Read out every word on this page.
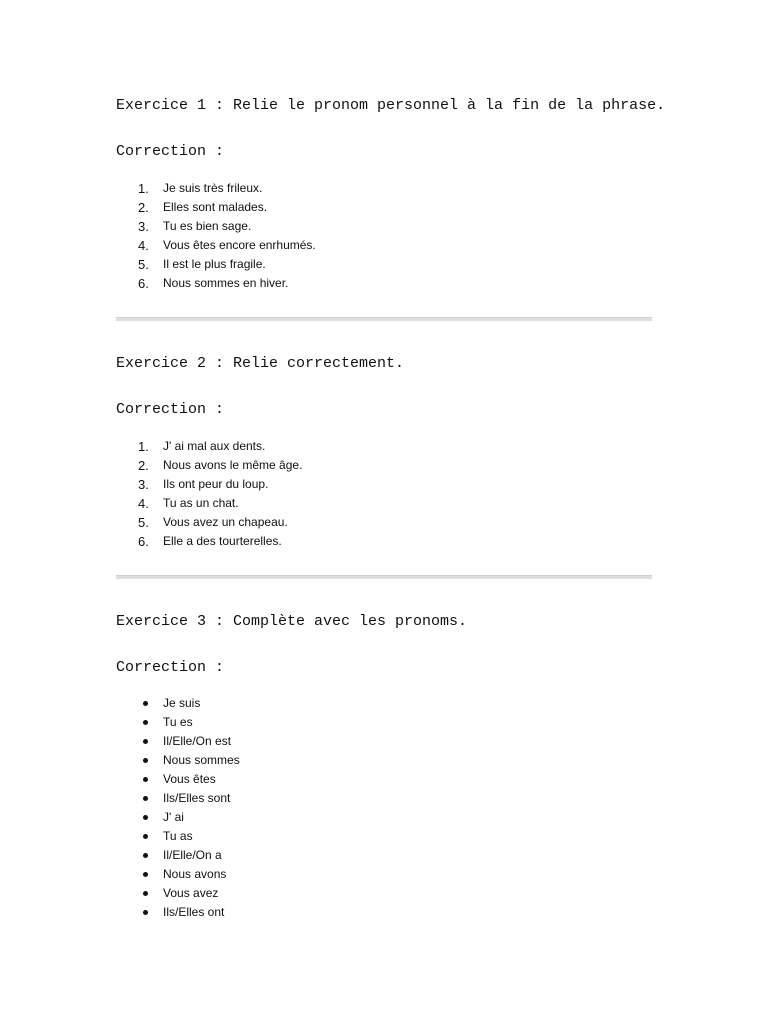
Exercice 1 : Relie le pronom personnel à la fin de la phrase.
Correction :
1. Je suis très frileux.
2. Elles sont malades.
3. Tu es bien sage.
4. Vous êtes encore enrhumés.
5. Il est le plus fragile.
6. Nous sommes en hiver.
Exercice 2 : Relie correctement.
Correction :
1. J' ai mal aux dents.
2. Nous avons le même âge.
3. Ils ont peur du loup.
4. Tu as un chat.
5. Vous avez un chapeau.
6. Elle a des tourterelles.
Exercice 3 : Complète avec les pronoms.
Correction :
Je suis
Tu es
Il/Elle/On est
Nous sommes
Vous êtes
Ils/Elles sont
J' ai
Tu as
Il/Elle/On a
Nous avons
Vous avez
Ils/Elles ont
